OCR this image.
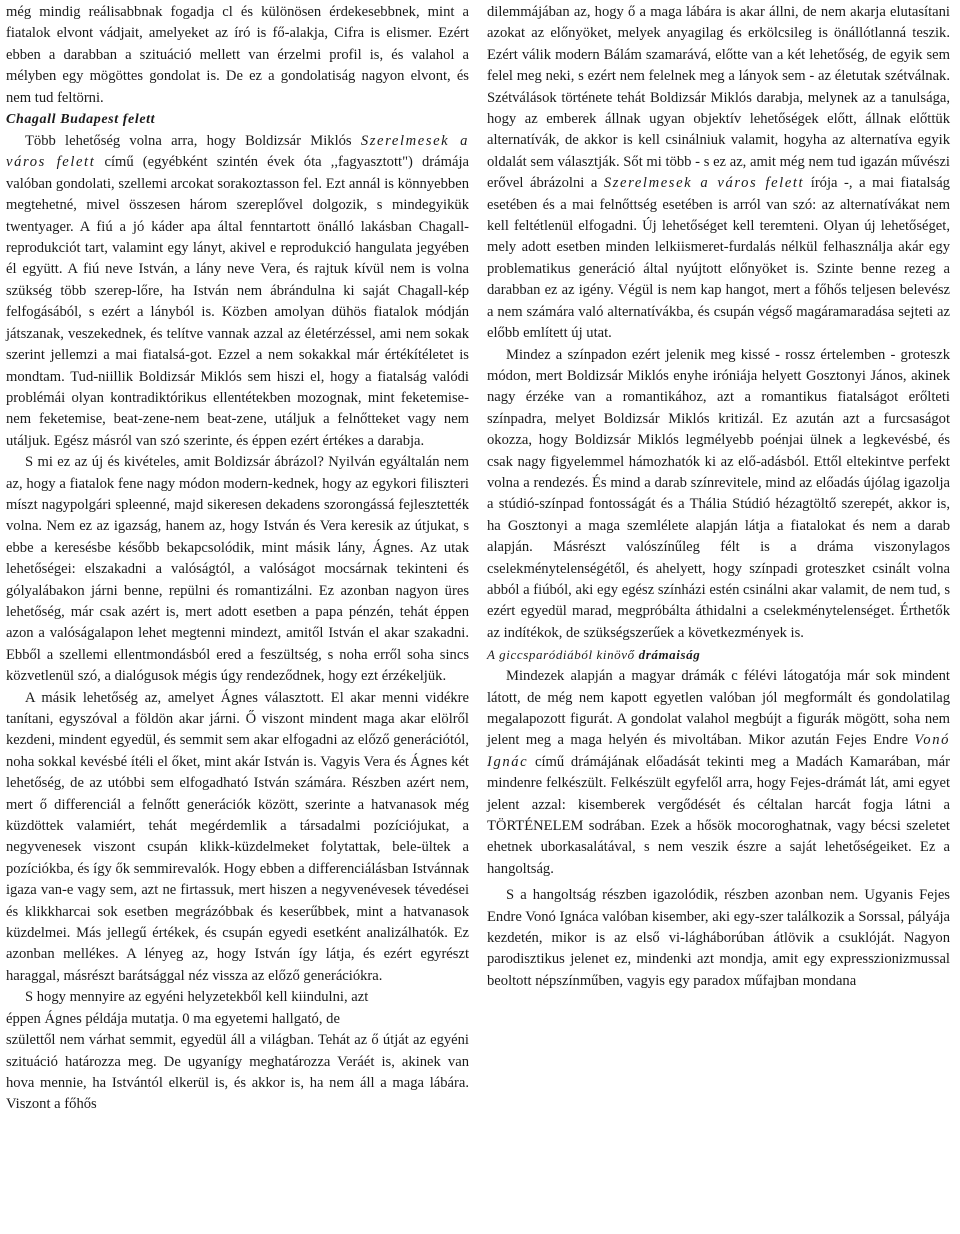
még mindig reálisabbnak fogadja cl és különösen érdekesebbnek, mint a fiatalok elvont vádjait, amelyeket az író is fő-alakja, Cifra is elismer. Ezért ebben a darabban a szituáció mellett van érzelmi profil is, és valahol a mélyben egy mögöttes gondolat is. De ez a gondolatiság nagyon elvont, és nem tud feltörni.

Chagall Budapest felett

Több lehetőség volna arra, hogy Boldizsár Miklós Szerelmesek a város felett című (egyébként szintén évek óta ,,fagyasztott") drámája valóban gondolati, szellemi arcokat sorakoztasson fel. Ezt annál is könnyebben megtehetné, mivel összesen három szereplővel dolgozik, s mindegyikük twentyager. A fiú a jó káder apa által fenntartott önálló lakásban Chagall-reprodukciót tart, valamint egy lányt, akivel e reprodukció hangulata jegyében él együtt. A fiú neve István, a lány neve Vera, és rajtuk kívül nem is volna szükség több szerep-lőre, ha István nem ábrándulna ki saját Chagall-kép felfogásából, s ezért a lányból is. Közben amolyan dühös fiatalok módján játszanak, veszekednek, és telítve vannak azzal az életérzéssel, ami nem sokak szerint jellemzi a mai fiatalsá-got. Ezzel a nem sokakkal már értékítéletet is mondtam. Tud-niillik Boldizsár Miklós sem hiszi el, hogy a fiatalság valódi problémái olyan kontradiktórikus ellentétekben mozognak, mint feketemise-nem feketemise, beat-zene-nem beat-zene, utáljuk a felnőtteket vagy nem utáljuk. Egész másról van szó szerinte, és éppen ezért értékes a darabja.

S mi ez az új és kivételes, amit Boldizsár ábrázol? Nyilván egyáltalán nem az, hogy a fiatalok fene nagy módon modern-kednek, hogy az egykori filiszteri míszt nagypolgári spleenné, majd sikeresen dekadens szorongássá fejlesztették volna. Nem ez az igazság, hanem az, hogy István és Vera keresik az útjukat, s ebbe a keresésbe később bekapcsolódik, mint másik lány, Ágnes. Az utak lehetőségei: elszakadni a valóságtól, a valóságot mocsárnak tekinteni és gólyalábakon járni benne, repülni és romantizálni. Ez azonban nagyon üres lehetőség, már csak azért is, mert adott esetben a papa pénzén, tehát éppen azon a valóságalapon lehet megtenni mindezt, amitől István el akar szakadni. Ebből a szellemi ellentmondásból ered a feszültség, s noha erről soha sincs közvetlenül szó, a dialógusok mégis úgy rendeződnek, hogy ezt érzékeljük.

A másik lehetőség az, amelyet Ágnes választott. El akar menni vidékre tanítani, egyszóval a földön akar járni. Ő viszont mindent maga akar elölről kezdeni, mindent egyedül, és semmit sem akar elfogadni az előző generációtól, noha sokkal kevésbé ítéli el őket, mint akár István is. Vagyis Vera és Ágnes két lehetőség, de az utóbbi sem elfogadható István számára. Részben azért nem, mert ő differenciál a felnőtt generációk között, szerinte a hatvanasok még küzdöttek valamiért, tehát megérdemlik a társadalmi pozíciójukat, a negyvenesek viszont csupán klikk-küzdelmeket folytattak, bele-ültek a pozíciókba, és így ők semmirevalók. Hogy ebben a differenciálásban Istvánnak igaza van-e vagy sem, azt ne firtassuk, mert hiszen a negyvenévesek tévedései és klikkharcai sok esetben megrázóbbak és keserűbbek, mint a hatvanasok küzdelmei. Más jellegű értékek, és csupán egyedi esetként analizálhatók. Ez azonban mellékes. A lényeg az, hogy István így látja, és ezért egyrészt haraggal, másrészt barátsággal néz vissza az előző generációkra.

S hogy mennyire az egyéni helyzetekből kell kiindulni, azt

éppen Ágnes példája mutatja. 0 ma egyetemi hallgató, de

születtől nem várhat semmit, egyedül áll a világban. Tehát az ő útját az egyéni szituáció határozza meg. De ugyanígy meghatározza Veráét is, akinek van hova mennie, ha Istvántól elkerül is, és akkor is, ha nem áll a maga lábára. Viszont a főhős

dilemmájában az, hogy ő a maga lábára is akar állni, de nem akarja elutasítani azokat az előnyöket, melyek anyagilag és erkölcsileg is önállótlanná teszik. Ezért válik modern Bálám szamarává, előtte van a két lehetőség, de egyik sem felel meg neki, s ezért nem felelnek meg a lányok sem - az életutak szétválnak. Szétválások története tehát Boldizsár Miklós darabja, melynek az a tanulsága, hogy az emberek állnak ugyan objektív lehetőségek előtt, állnak előttük alternatívák, de akkor is kell csinálniuk valamit, hogyha az alternatíva egyik oldalát sem választják. Sőt mi több - s ez az, amit még nem tud igazán művészi erővel ábrázolni a Szerelmesek a város felett írója -, a mai fiatalság esetében és a mai felnőttség esetében is arról van szó: az alternatívákat nem kell feltétlenül elfogadni. Új lehetőséget kell teremteni. Olyan új lehetőséget, mely adott esetben minden lelkiismeret-furdalás nélkül felhasználja akár egy problematikus generáció által nyújtott előnyöket is. Szinte benne rezeg a darabban ez az igény. Végül is nem kap hangot, mert a főhős teljesen belevész a nem számára való alternatívákba, és csupán végső magáramaradása sejteti az előbb említett új utat.

Mindez a színpadon ezért jelenik meg kissé - rossz értelemben - groteszk módon, mert Boldizsár Miklós enyhe iróniája helyett Gosztonyi János, akinek nagy érzéke van a romantikához, azt a romantikus fiatalságot erőlteti színpadra, melyet Boldizsár Miklós kritizál. Ez azután azt a furcsaságot okozza, hogy Boldizsár Miklós legmélyebb poénjai ülnek a legkevésbé, és csak nagy figyelemmel hámozhatók ki az elő-adásból. Ettől eltekintve perfekt volna a rendezés. És mind a darab színrevitele, mind az előadás újólag igazolja a stúdió-színpad fontosságát és a Thália Stúdió hézagtöltő szerepét, akkor is, ha Gosztonyi a maga szemlélete alapján látja a fiatalokat és nem a darab alapján. Másrészt valószínűleg félt is a dráma viszonylagos cselekménytelenségétől, és ahelyett, hogy színpadi groteszket csinált volna abból a fiúból, aki egy egész színházi estén csinálni akar valamit, de nem tud, s ezért egyedül marad, megpróbálta áthidalni a cselekménytelenséget. Érthetők az indítékok, de szükségszerűek a következmények is.

A giccsparódiából kinövő drámaiság

Mindezek alapján a magyar drámák c félévi látogatója már sok mindent látott, de még nem kapott egyetlen valóban jól megformált és gondolatilag megalapozott figurát. A gondolat valahol megbújt a figurák mögött, soha nem jelent meg a maga helyén és mivoltában. Mikor azután Fejes Endre Vonó Ignác című drámájának előadását tekinti meg a Madách Kamarában, már mindenre felkészült. Felkészült egyfelől arra, hogy Fejes-drámát lát, ami egyet jelent azzal: kisemberek vergődését és céltalan harcát fogja látni a TÖRTÉNELEM sodrában. Ezek a hősök mocoroghatnak, vagy bécsi szeletet ehetnek uborkasalátával, s nem veszik észre a saját lehetőségeiket. Ez a hangoltság.

S a hangoltság részben igazolódik, részben azonban nem. Ugyanis Fejes Endre Vonó Ignáca valóban kisember, aki egy-szer találkozik a Sorssal, pályája kezdetén, mikor is az első vi-lágháborúban átlövik a csuklóját. Nagyon parodisztikus jelenet ez, mindenki azt mondja, amit egy expresszionizmussal beoltott népszínműben, vagyis egy paradox műfajban mondana
